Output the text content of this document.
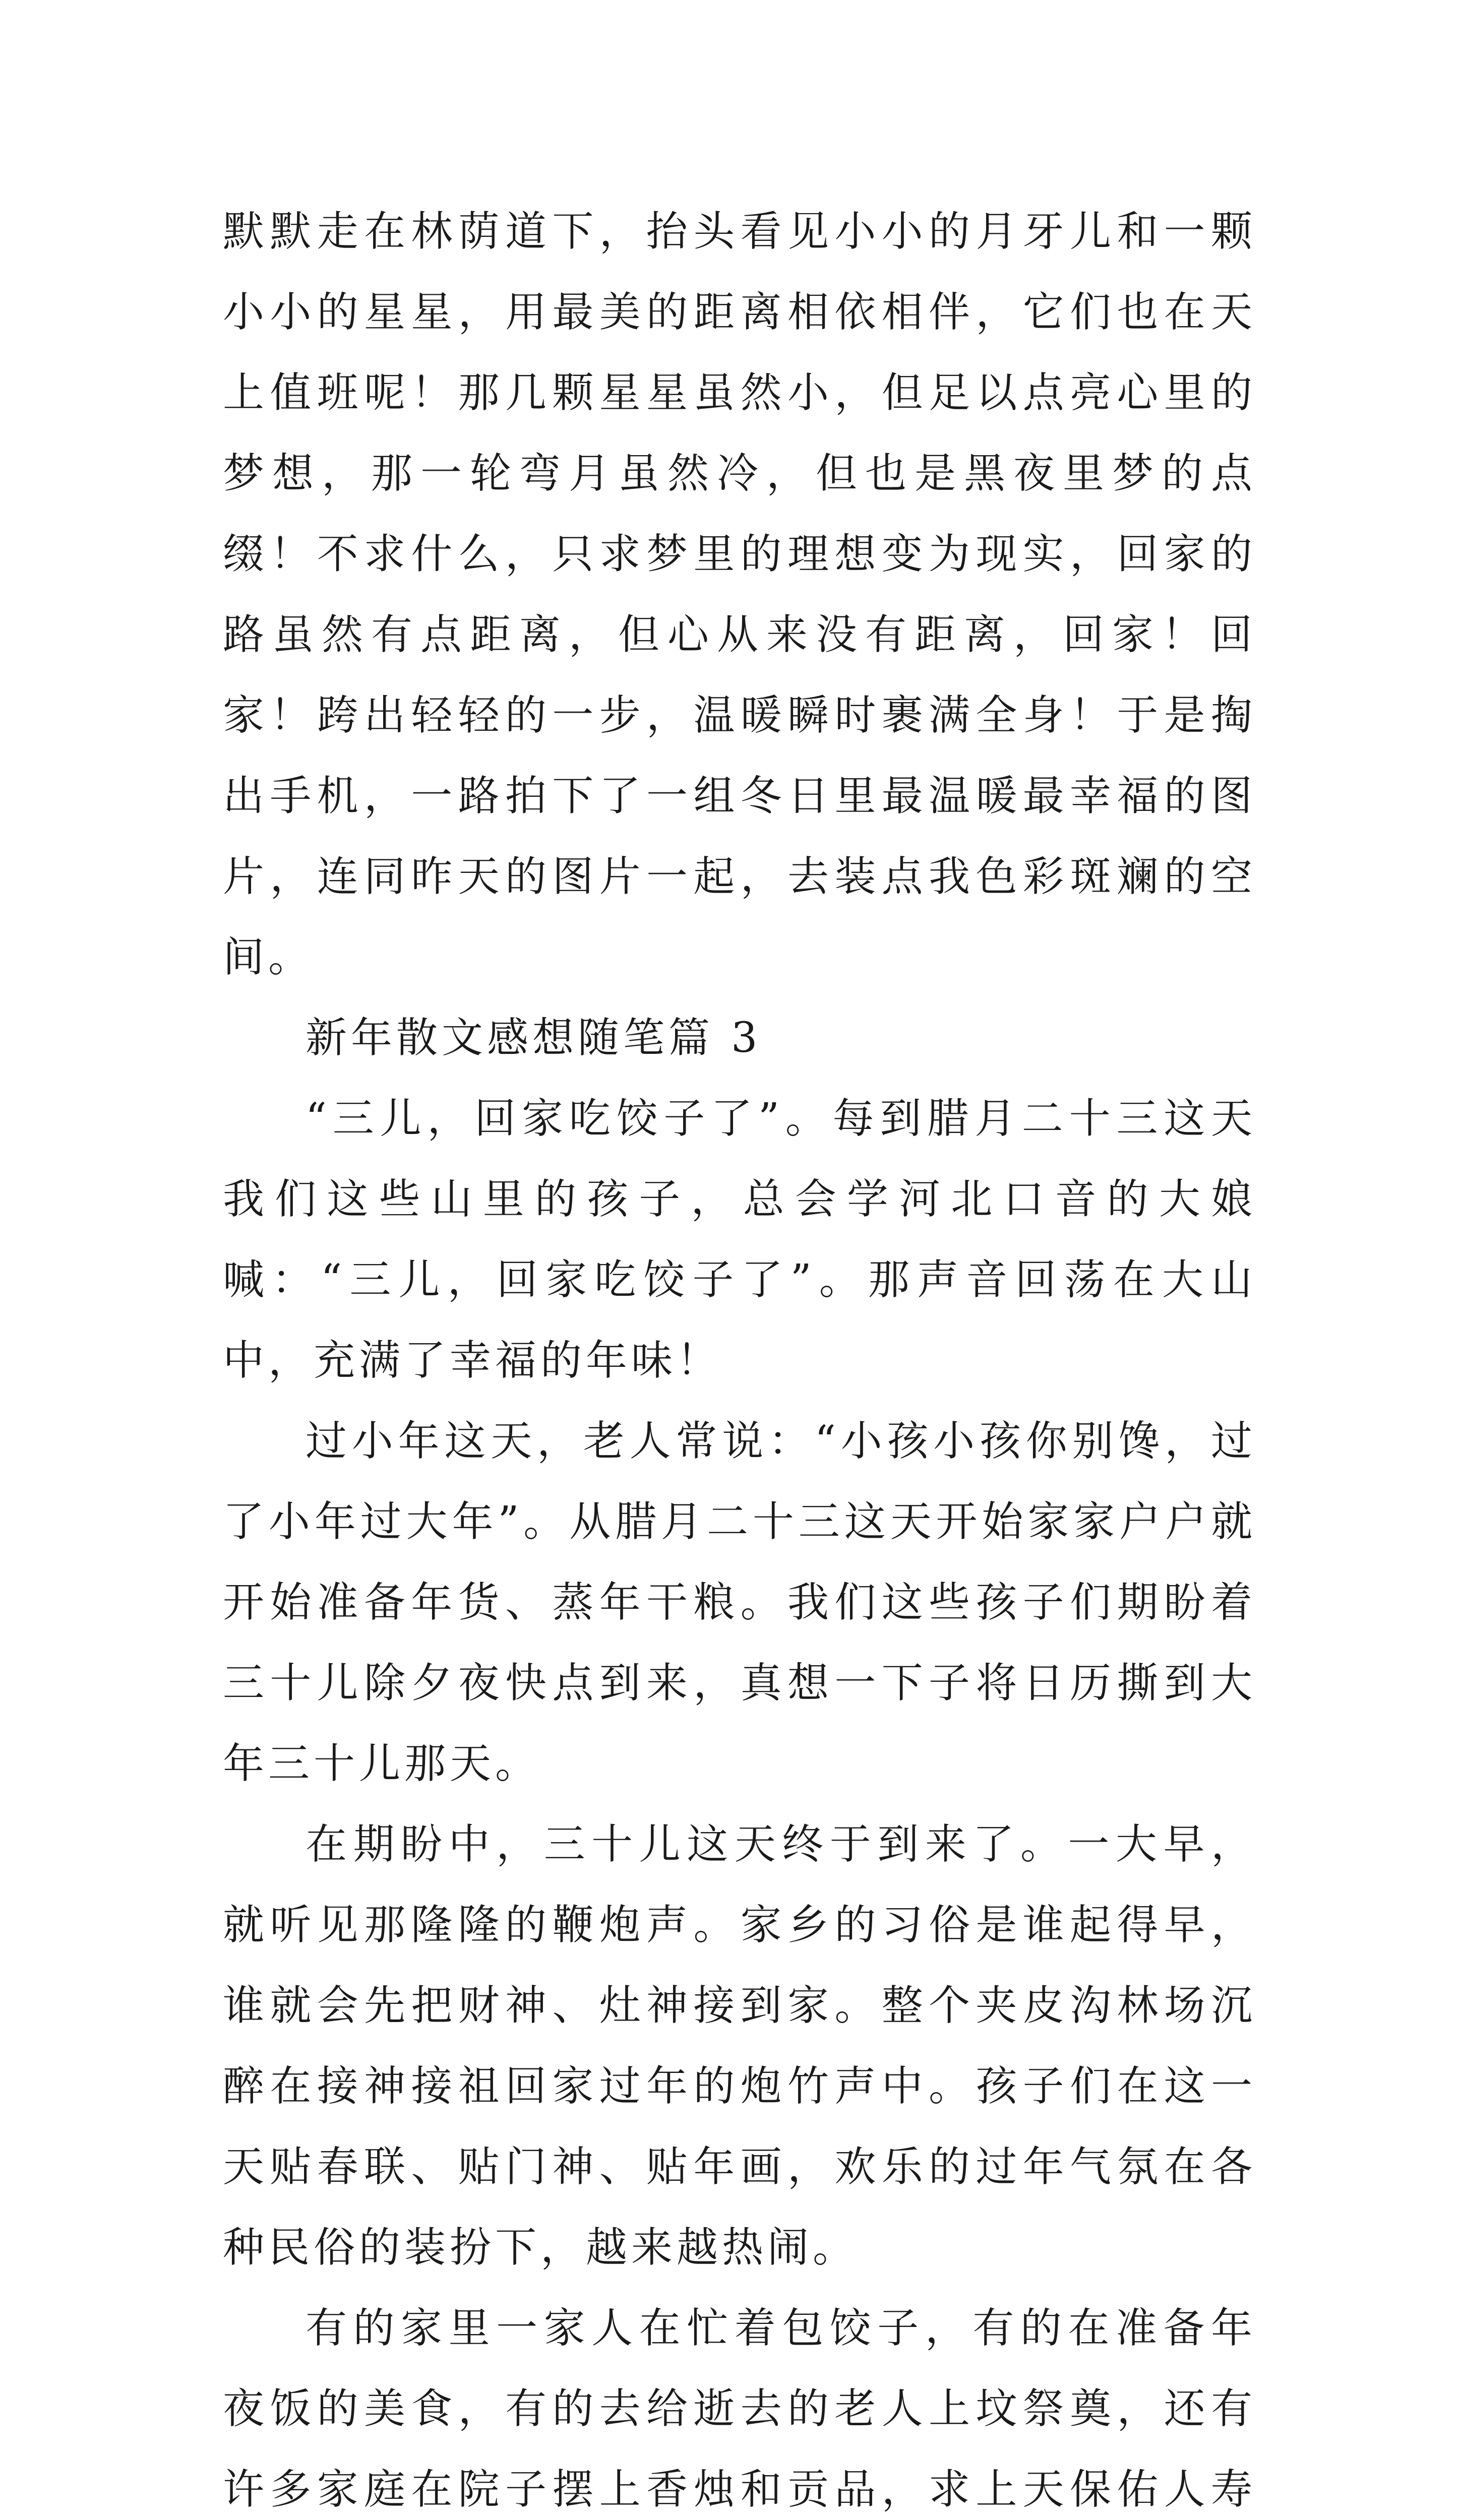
默默走在林荫道下，抬头看见小小的月牙儿和一颗小小的星星，用最美的距离相依相伴，它们也在天上值班呢！那几颗星星虽然小，但足以点亮心里的梦想，那一轮弯月虽然冷，但也是黑夜里梦的点缀！不求什么，只求梦里的理想变为现实，回家的路虽然有点距离，但心从来没有距离，回家！回家！跨出轻轻的一步，温暖瞬时裹满全身！于是掏出手机，一路拍下了一组冬日里最温暖最幸福的图片，连同昨天的图片一起，去装点我色彩斑斓的空间。

新年散文感想随笔篇 3

“三儿，回家吃饺子了”。每到腊月二十三这天我们这些山里的孩子，总会学河北口音的大娘喊：“三儿，回家吃饺子了”。那声音回荡在大山中，充满了幸福的年味！

过小年这天，老人常说：“小孩小孩你别馋，过了小年过大年”。从腊月二十三这天开始家家户户就开始准备年货、蒸年干粮。我们这些孩子们期盼着三十儿除夕夜快点到来，真想一下子将日历撕到大年三十儿那天。

在期盼中，三十儿这天终于到来了。一大早，就听见那隆隆的鞭炮声。家乡的习俗是谁起得早，谁就会先把财神、灶神接到家。整个夹皮沟林场沉醉在接神接祖回家过年的炮竹声中。孩子们在这一天贴春联、贴门神、贴年画，欢乐的过年气氛在各种民俗的装扮下，越来越热闹。

有的家里一家人在忙着包饺子，有的在准备年夜饭的美食，有的去给逝去的老人上坟祭奠，还有许多家庭在院子摆上香烛和贡品，求上天保佑人寿
